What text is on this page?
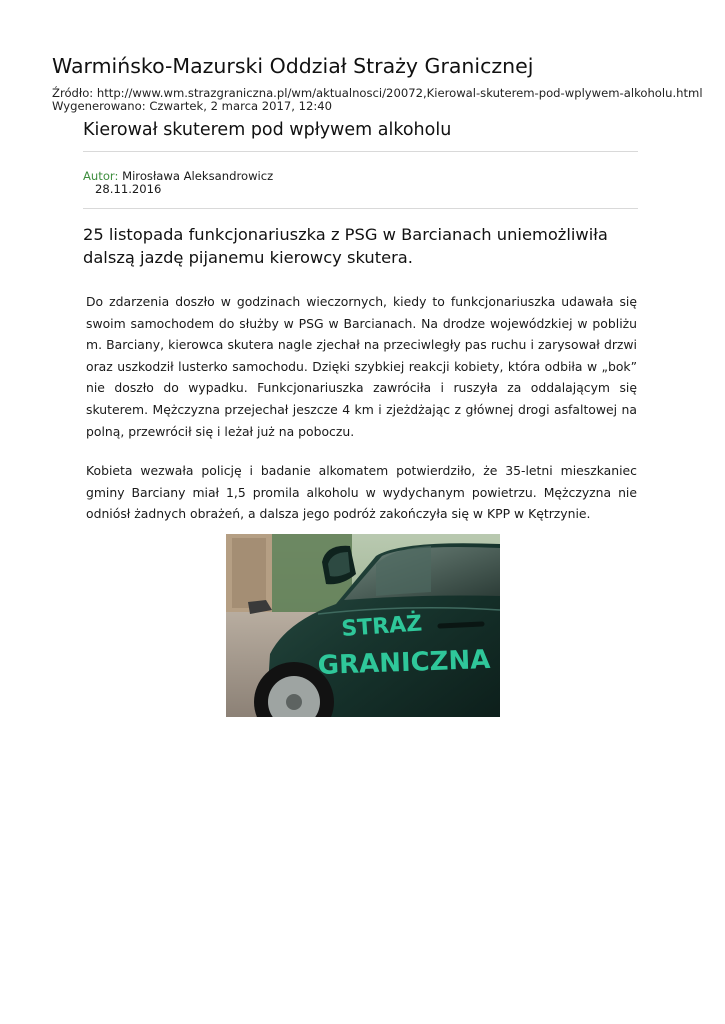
Warmińsko-Mazurski Oddział Straży Granicznej
Źródło: http://www.wm.strazgraniczna.pl/wm/aktualnosci/20072,Kierowal-skuterem-pod-wplywem-alkoholu.html
Wygenerowano: Czwartek, 2 marca 2017, 12:40
Kierował skuterem pod wpływem alkoholu
Autor: Mirosława Aleksandrowicz
28.11.2016

25 listopada funkcjonariuszka z PSG w Barcianach uniemożliwiła dalszą jazdę pijanemu kierowcy skutera.

Do zdarzenia doszło w godzinach wieczornych, kiedy to funkcjonariuszka udawała się swoim samochodem do służby w PSG w Barcianach. Na drodze wojewódzkiej w pobliżu m. Barciany, kierowca skutera nagle zjechał na przeciwległy pas ruchu i zarysował drzwi oraz uszkodził lusterko samochodu. Dzięki szybkiej reakcji kobiety, która odbiła w „bok” nie doszło do wypadku. Funkcjonariuszka zawróciła i ruszyła za oddalającym się skuterem. Mężczyzna przejechał jeszcze 4 km i zjeżdżając z głównej drogi asfaltowej na polną, przewrócił się i leżał już na poboczu.

Kobieta wezwała policję i badanie alkomatem potwierdziło, że 35-letni mieszkaniec gminy Barciany miał 1,5 promila alkoholu w wydychanym powietrzu. Mężczyzna nie odniósł żadnych obrażeń, a dalsza jego podróż zakończyła się w KPP w Kętrzynie.

STRAŻ
GRANICZNA
